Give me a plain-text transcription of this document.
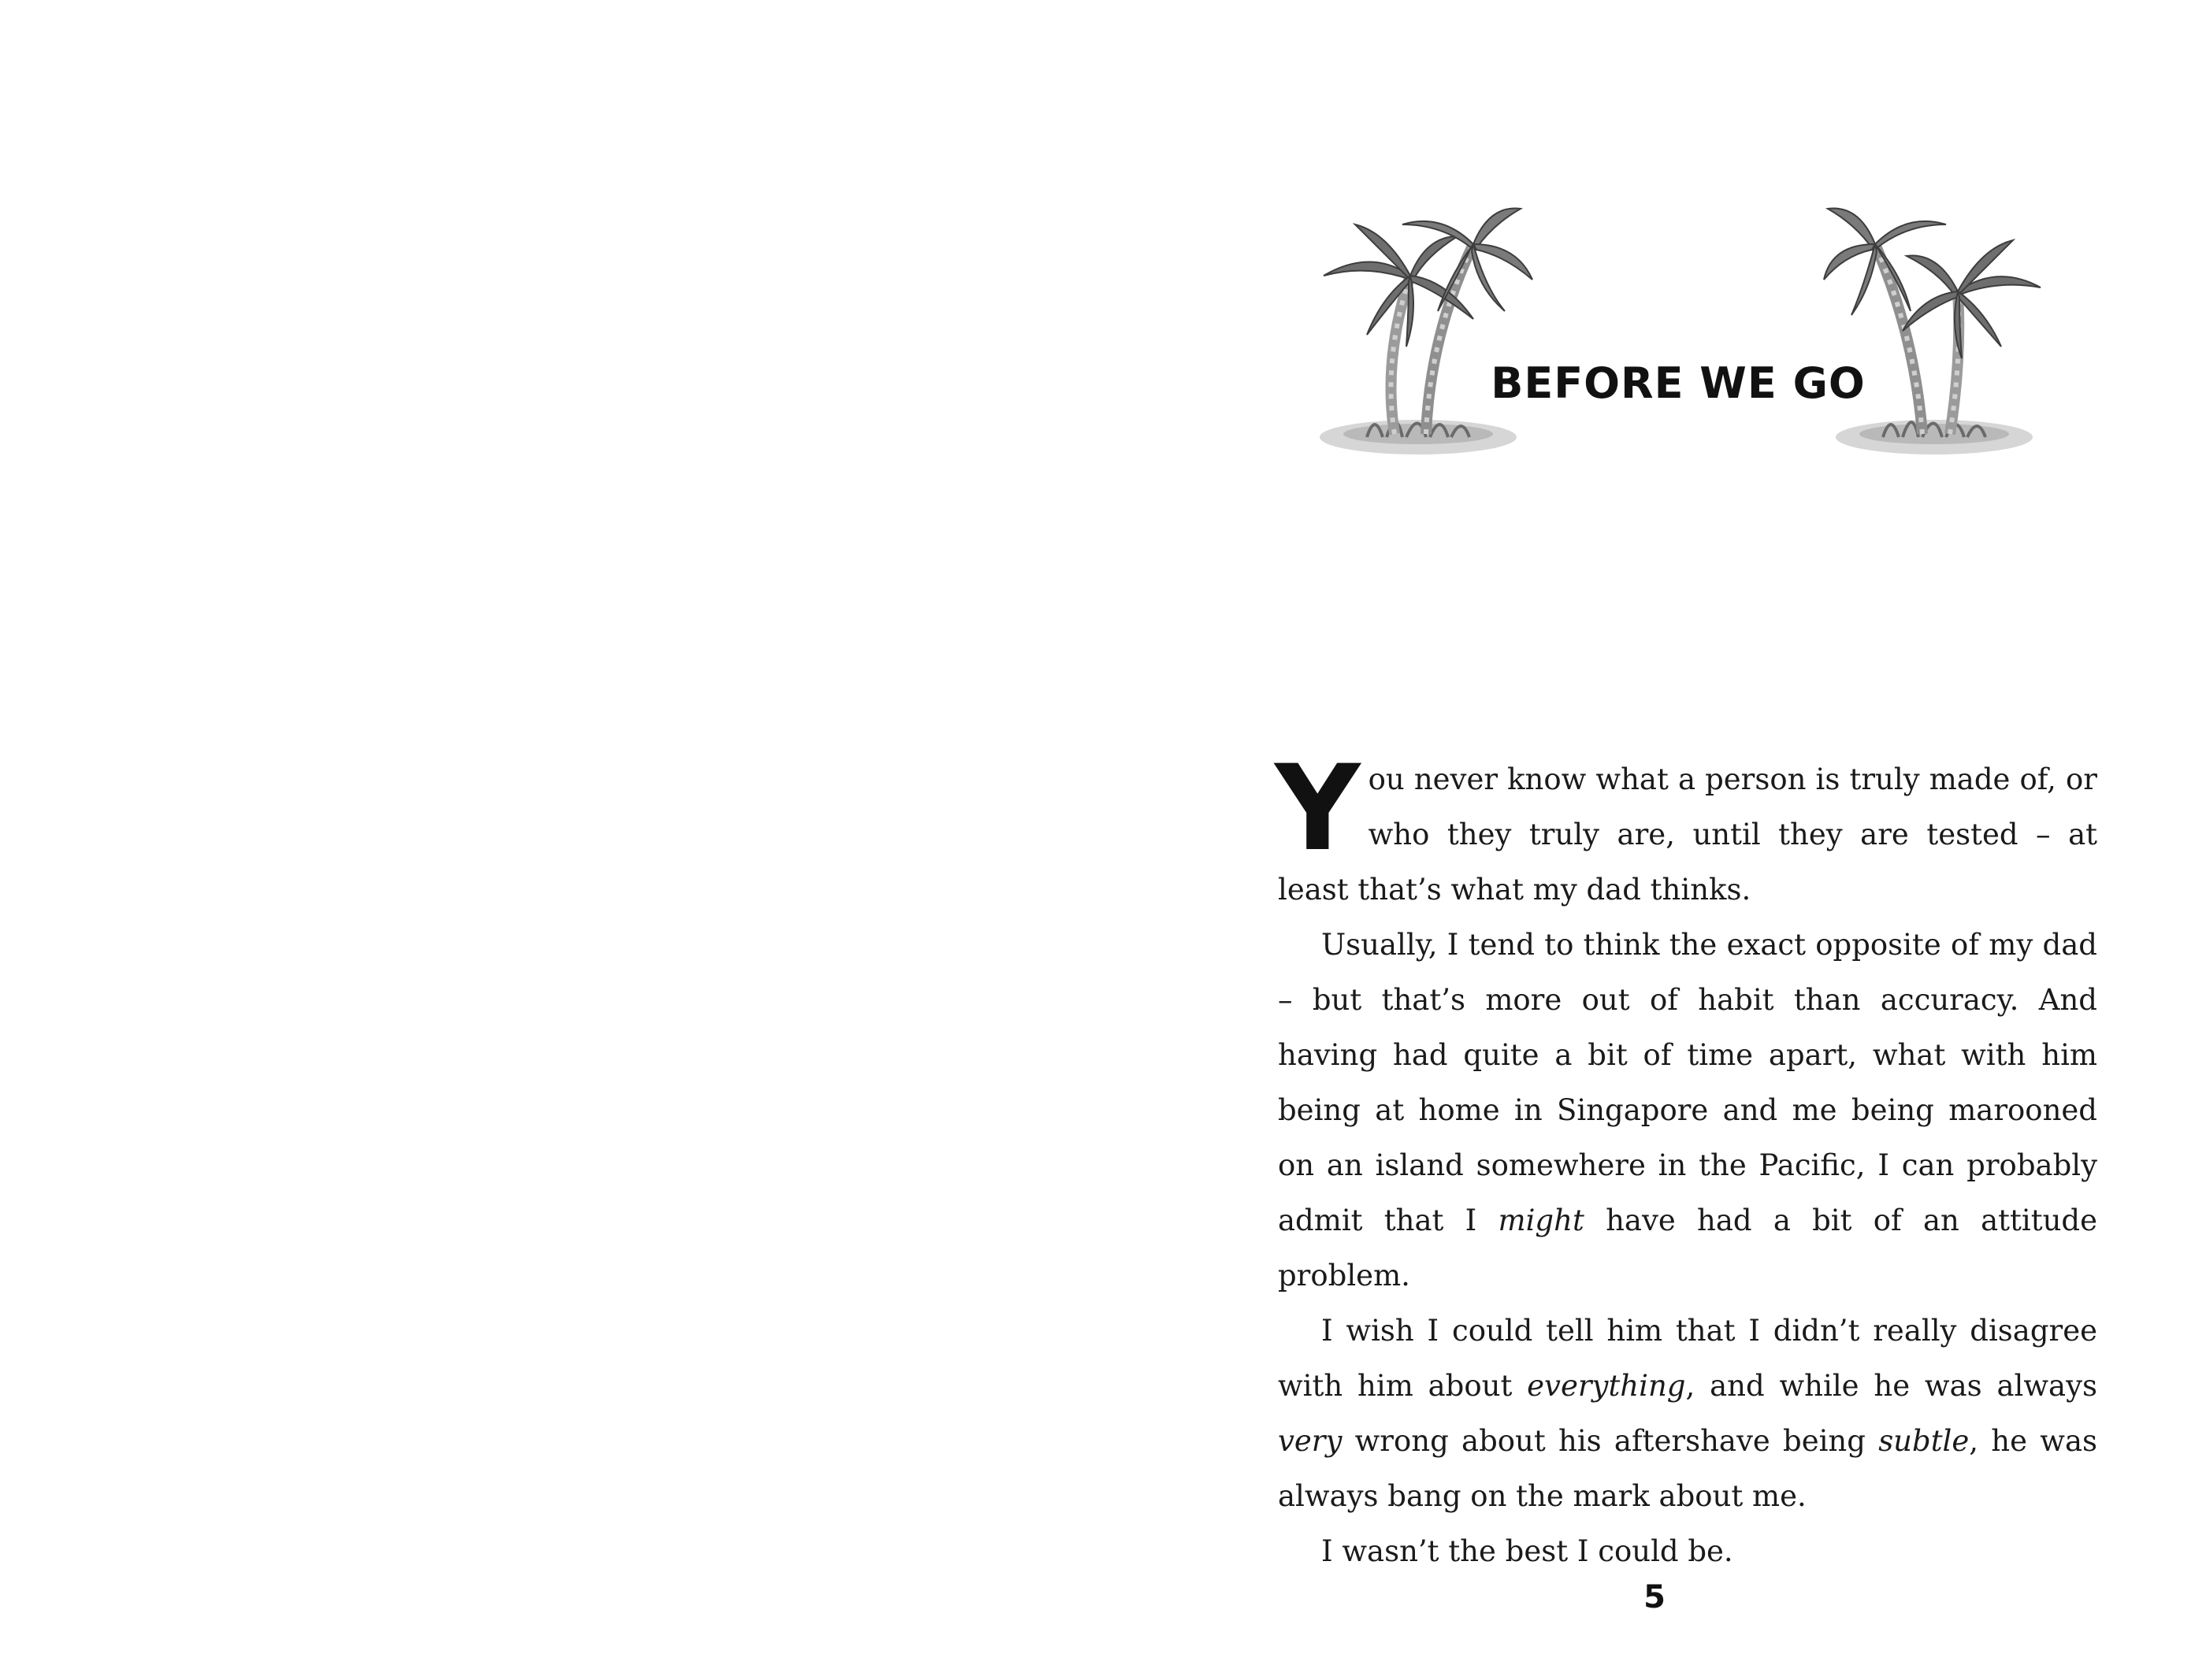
BEFORE WE GO

You never know what a person is truly made of, or who they truly are, until they are tested – at least that’s what my dad thinks.

Usually, I tend to think the exact opposite of my dad – but that’s more out of habit than accuracy. And having had quite a bit of time apart, what with him being at home in Singapore and me being marooned on an island somewhere in the Pacific, I can probably admit that I might have had a bit of an attitude problem.

I wish I could tell him that I didn’t really disagree with him about everything, and while he was always very wrong about his aftershave being subtle, he was always bang on the mark about me.

I wasn’t the best I could be.

5
